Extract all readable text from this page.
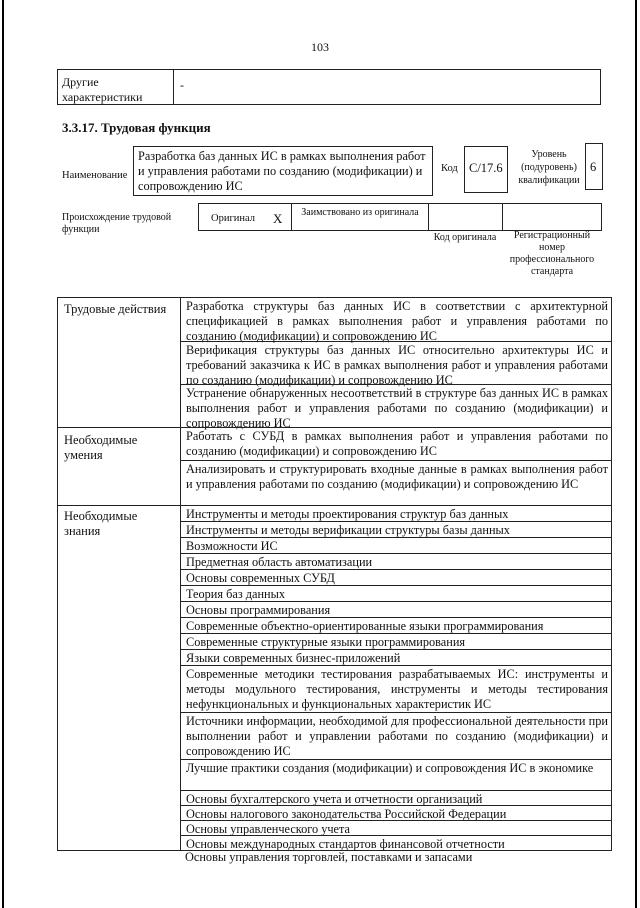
103
Другие характеристики
-
3.3.17. Трудовая функция
Наименование
Разработка баз данных ИС в рамках выполнения работ и управления работами по созданию (модификации) и сопровождению ИС
Код C/17.6
Уровень (подуровень) квалификации
6
Происхождение трудовой функции
Оригинал X	Заимствовано из оригинала
Код оригинала	Регистрационный номер профессионального стандарта
Трудовые действия
Необходимые умения
Необходимые знания
Разработка структуры баз данных ИС в соответствии с архитектурной спецификацией в рамках выполнения работ и управления работами по созданию (модификации) и сопровождению ИС
Верификация структуры баз данных ИС относительно архитектуры ИС и требований заказчика к ИС в рамках выполнения работ и управления работами по созданию (модификации) и сопровождению ИС
Устранение обнаруженных несоответствий в структуре баз данных ИС в рамках выполнения работ и управления работами по созданию (модификации) и сопровождению ИС
Работать с СУБД в рамках выполнения работ и управления работами по созданию (модификации) и сопровождению ИС
Анализировать и структурировать входные данные в рамках выполнения работ и управления работами по созданию (модификации) и сопровождению ИС
Инструменты и методы проектирования структур баз данных
Инструменты и методы верификации структуры базы данных
Возможности ИС
Предметная область автоматизации
Основы современных СУБД
Теория баз данных
Основы программирования
Современные объектно-ориентированные языки программирования
Современные структурные языки программирования
Языки современных бизнес-приложений
Современные методики тестирования разрабатываемых ИС: инструменты и методы модульного тестирования, инструменты и методы тестирования нефункциональных и функциональных характеристик ИС
Источники информации, необходимой для профессиональной деятельности при выполнении работ и управлении работами по созданию (модификации) и сопровождению ИС
Лучшие практики создания (модификации) и сопровождения ИС в экономике
Основы бухгалтерского учета и отчетности организаций
Основы налогового законодательства Российской Федерации
Основы управленческого учета
Основы международных стандартов финансовой отчетности
Основы управления торговлей, поставками и запасами
